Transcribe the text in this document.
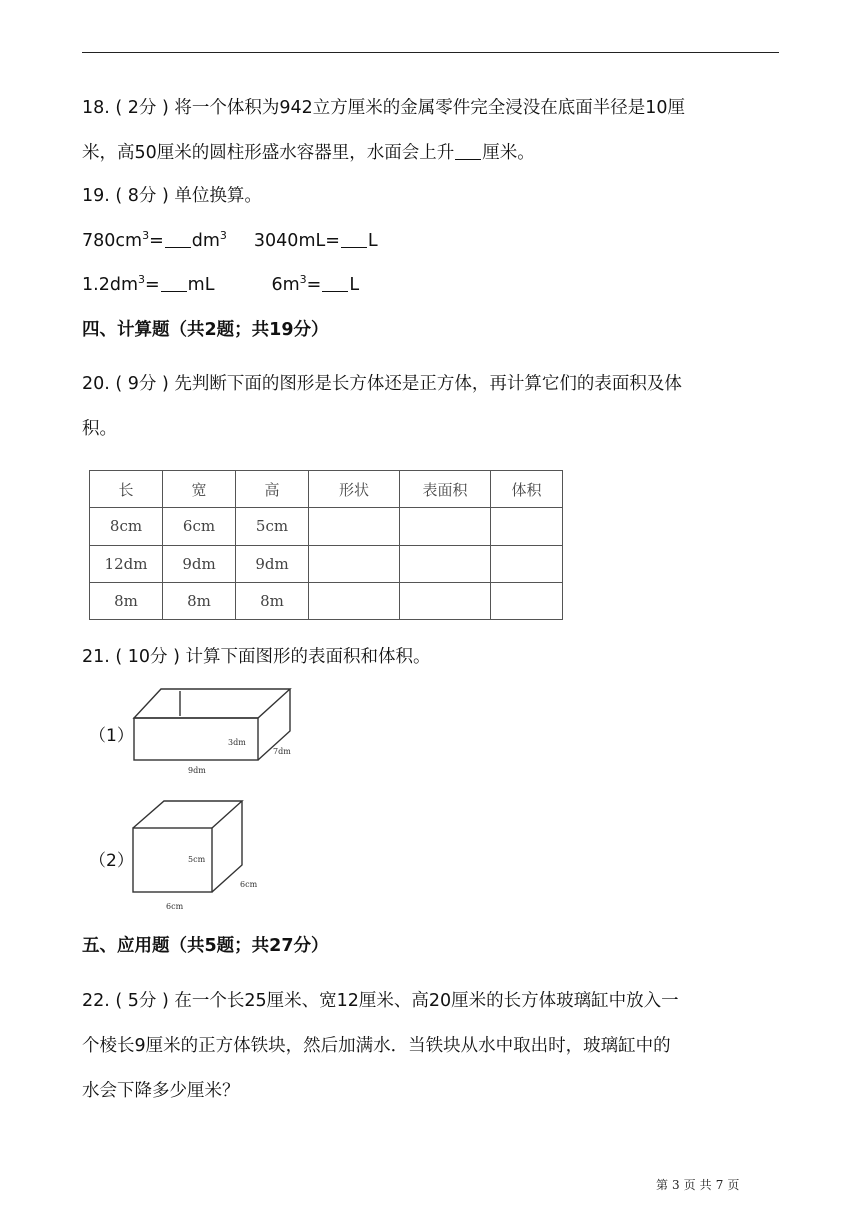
18. ( 2分 ) 将一个体积为942立方厘米的金属零件完全浸没在底面半径是10厘
米，高50厘米的圆柱形盛水容器里，水面会上升 厘米。
19. ( 8分 ) 单位换算。
$780cm^3= dm^3$ 3040mL= L
$1.2dm^3=$ mL	$6m^3= L$
四、计算题（共2题；共19分）
20. ( 9分 ) 先判断下面的图形是长方体还是正方体，再计算它们的表面积及体
积。
长	宽	高	形状	表面积	体积
8cm	6cm	5cm			
12dm	9dm	9dm			
8m	8m	8m			
21. ( 10分 ) 计算下面图形的表面积和体积。
（1）	3dm
7dm
9dm
（2）	5cm
6cm
6cm
五、应用题（共5题；共27分）
22. ( 5分 ) 在一个长25厘米、宽12厘米、高20厘米的长方体玻璃缸中放入一
个棱长9厘米的正方体铁块，然后加满水．当铁块从水中取出时，玻璃缸中的
水会下降多少厘米？
第 3 页 共 7 页
